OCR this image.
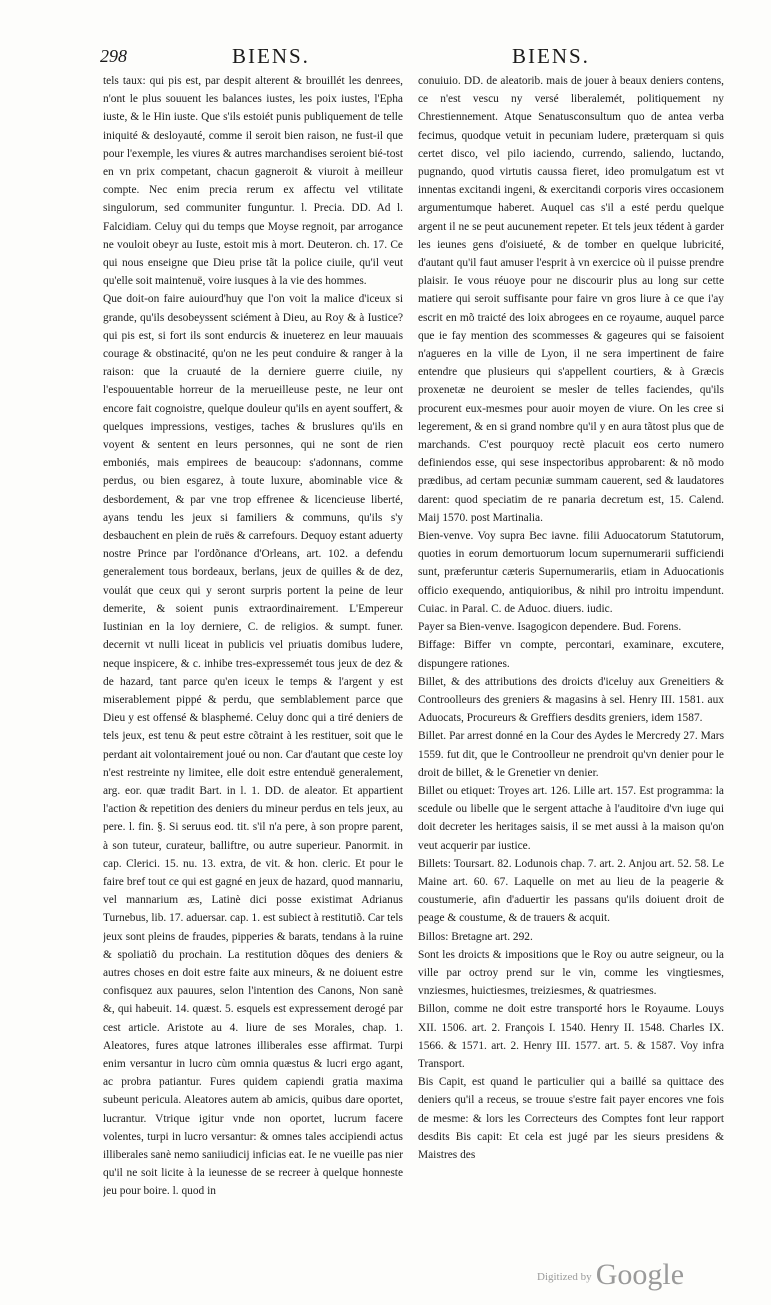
298	BIENS.	BIENS.

tels taux: qui pis est, par despit alterent & brouillét les denrees, n'ont le plus souuent les balances iustes, les poix iustes, l'Epha iuste, & le Hin iuste. Que s'ils estoiét punis publiquement de telle iniquité & desloyauté, comme il seroit bien raison, ne fust-il que pour l'exemple, les viures & autres marchandises seroient bié-tost en vn prix competant, chacun gagneroit & viuroit à meilleur compte. Nec enim precia rerum ex affectu vel vtilitate singulorum, sed communiter funguntur. l. Precia. DD. Ad l. Falcidiam. Celuy qui du temps que Moyse regnoit, par arrogance ne vouloit obeyr au Iuste, estoit mis à mort. Deuteron. ch. 17. Ce qui nous enseigne que Dieu prise tãt la police ciuile, qu'il veut qu'elle soit maintenuë, voire iusques à la vie des hommes.

Que doit-on faire auiourd'huy que l'on voit la malice d'iceux si grande, qu'ils desobeyssent sciément à Dieu, au Roy & à Iustice? qui pis est, si fort ils sont endurcis & inueterez en leur mauuais courage & obstinacité, qu'on ne les peut conduire & ranger à la raison: que la cruauté de la derniere guerre ciuile, ny l'espouuentable horreur de la merueilleuse peste, ne leur ont encore fait cognoistre, quelque douleur qu'ils en ayent souffert, & quelques impressions, vestiges, taches & bruslures qu'ils en voyent & sentent en leurs personnes, qui ne sont de rien emboniés, mais empirees de beaucoup: s'adonnans, comme perdus, ou bien esgarez, à toute luxure, abominable vice & desbordement, & par vne trop effrenee & licencieuse liberté, ayans tendu les jeux si familiers & communs, qu'ils s'y desbauchent en plein de ruës & carrefours. Dequoy estant aduerty nostre Prince par l'ordõnance d'Orleans, art. 102. a defendu generalement tous bordeaux, berlans, jeux de quilles & de dez, voulát que ceux qui y seront surpris portent la peine de leur demerite, & soient punis extraordinairement. L'Empereur Iustinian en la loy derniere, C. de religios. & sumpt. funer. decernit vt nulli liceat in publicis vel priuatis domibus ludere, neque inspicere, & c. inhibe tres-expressemét tous jeux de dez & de hazard, tant parce qu'en iceux le temps & l'argent y est miserablement pippé & perdu, que semblablement parce que Dieu y est offensé & blasphemé. Celuy donc qui a tiré deniers de tels jeux, est tenu & peut estre cõtraint à les restituer, soit que le perdant ait volontairement joué ou non. Car d'autant que ceste loy n'est restreinte ny limitee, elle doit estre entenduë generalement, arg. eor. quæ tradit Bart. in l. 1. DD. de aleator. Et appartient l'action & repetition des deniers du mineur perdus en tels jeux, au pere. l. fin. §. Si seruus eod. tit. s'il n'a pere, à son propre parent, à son tuteur, curateur, balliftre, ou autre superieur. Panormit. in cap. Clerici. 15. nu. 13. extra, de vit. & hon. cleric. Et pour le faire bref tout ce qui est gagné en jeux de hazard, quod mannariu, vel mannarium æs, Latinè dici posse existimat Adrianus Turnebus, lib. 17. aduersar. cap. 1. est subiect à restitutiõ. Car tels jeux sont pleins de fraudes, pipperies & barats, tendans à la ruine & spoliatiõ du prochain. La restitution dõques des deniers & autres choses en doit estre faite aux mineurs, & ne doiuent estre confisquez aux pauures, selon l'intention des Canons, Non sanè &, qui habeuit. 14. quæst. 5. esquels est expressement derogé par cest article. Aristote au 4. liure de ses Morales, chap. 1. Aleatores, fures atque latrones illiberales esse affirmat. Turpi enim versantur in lucro cùm omnia quæstus & lucri ergo agant, ac probra patiantur. Fures quidem capiendi gratia maxima subeunt pericula. Aleatores autem ab amicis, quibus dare oportet, lucrantur. Vtrique igitur vnde non oportet, lucrum facere volentes, turpi in lucro versantur: & omnes tales accipiendi actus illiberales sanè nemo saniiudicij inficias eat. Ie ne vueille pas nier qu'il ne soit licite à la ieunesse de se recreer à quelque honneste jeu pour boire. l. quod in

conuiuio. DD. de aleatorib. mais de jouer à beaux deniers contens, ce n'est vescu ny versé liberalemét, politiquement ny Chrestiennement. Atque Senatusconsultum quo de antea verba fecimus, quodque vetuit in pecuniam ludere, præterquam si quis certet disco, vel pilo iaciendo, currendo, saliendo, luctando, pugnando, quod virtutis caussa fieret, ideo promulgatum est vt innentas excitandi ingeni, & exercitandi corporis vires occasionem argumentumque haberet. Auquel cas s'il a esté perdu quelque argent il ne se peut aucunement repeter. Et tels jeux tédent à garder les ieunes gens d'oisiueté, & de tomber en quelque lubricité, d'autant qu'il faut amuser l'esprit à vn exercice où il puisse prendre plaisir. Ie vous réuoye pour ne discourir plus au long sur cette matiere qui seroit suffisante pour faire vn gros liure à ce que i'ay escrit en mõ traicté des loix abrogees en ce royaume, auquel parce que ie fay mention des scommesses & gageures qui se faisoient n'agueres en la ville de Lyon, il ne sera impertinent de faire entendre que plusieurs qui s'appellent courtiers, & à Græcis proxenetæ ne deuroient se mesler de telles faciendes, qu'ils procurent eux-mesmes pour auoir moyen de viure. On les cree si legerement, & en si grand nombre qu'il y en aura tãtost plus que de marchands. C'est pourquoy rectè placuit eos certo numero definiendos esse, qui sese inspectoribus approbarent: & nõ modo prædibus, ad certam pecuniæ summam cauerent, sed & laudatores darent: quod speciatim de re panaria decretum est, 15. Calend. Maij 1570. post Martinalia.

Bien-venve. Voy supra Bec iavne. filii Aduocatorum Statutorum, quoties in eorum demortuorum locum supernumerarii sufficiendi sunt, præferuntur cæteris Supernumerariis, etiam in Aduocationis officio exequendo, antiquioribus, & nihil pro introitu impendunt. Cuiac. in Paral. C. de Aduoc. diuers. iudic.

Payer sa Bien-venve. Isagogicon dependere. Bud. Forens.

Biffage: Biffer vn compte, percontari, examinare, excutere, dispungere rationes.

Billet, & des attributions des droicts d'iceluy aux Greneitiers & Controolleurs des greniers & magasins à sel. Henry III. 1581. aux Aduocats, Procureurs & Greffiers desdits greniers, idem 1587.

Billet. Par arrest donné en la Cour des Aydes le Mercredy 27. Mars 1559. fut dit, que le Controolleur ne prendroit qu'vn denier pour le droit de billet, & le Grenetier vn denier.

Billet ou etiquet: Troyes art. 126. Lille art. 157. Est programma: la scedule ou libelle que le sergent attache à l'auditoire d'vn iuge qui doit decreter les heritages saisis, il se met aussi à la maison qu'on veut acquerir par iustice.

Billets: Toursart. 82. Lodunois chap. 7. art. 2. Anjou art. 52. 58. Le Maine art. 60. 67. Laquelle on met au lieu de la peagerie & coustumerie, afin d'aduertir les passans qu'ils doiuent droit de peage & coustume, & de trauers & acquit.

Billos: Bretagne art. 292.

Sont les droicts & impositions que le Roy ou autre seigneur, ou la ville par octroy prend sur le vin, comme les vingtiesmes, vnziesmes, huictiesmes, treiziesmes, & quatriesmes.

Billon, comme ne doit estre transporté hors le Royaume. Louys XII. 1506. art. 2. François I. 1540. Henry II. 1548. Charles IX. 1566. & 1571. art. 2. Henry III. 1577. art. 5. & 1587. Voy infra Transport.

Bis Capit, est quand le particulier qui a baillé sa quittace des deniers qu'il a receus, se trouue s'estre fait payer encores vne fois de mesme: & lors les Correcteurs des Comptes font leur rapport desdits Bis capit: Et cela est jugé par les sieurs presidens & Maistres des

Digitized by Google
